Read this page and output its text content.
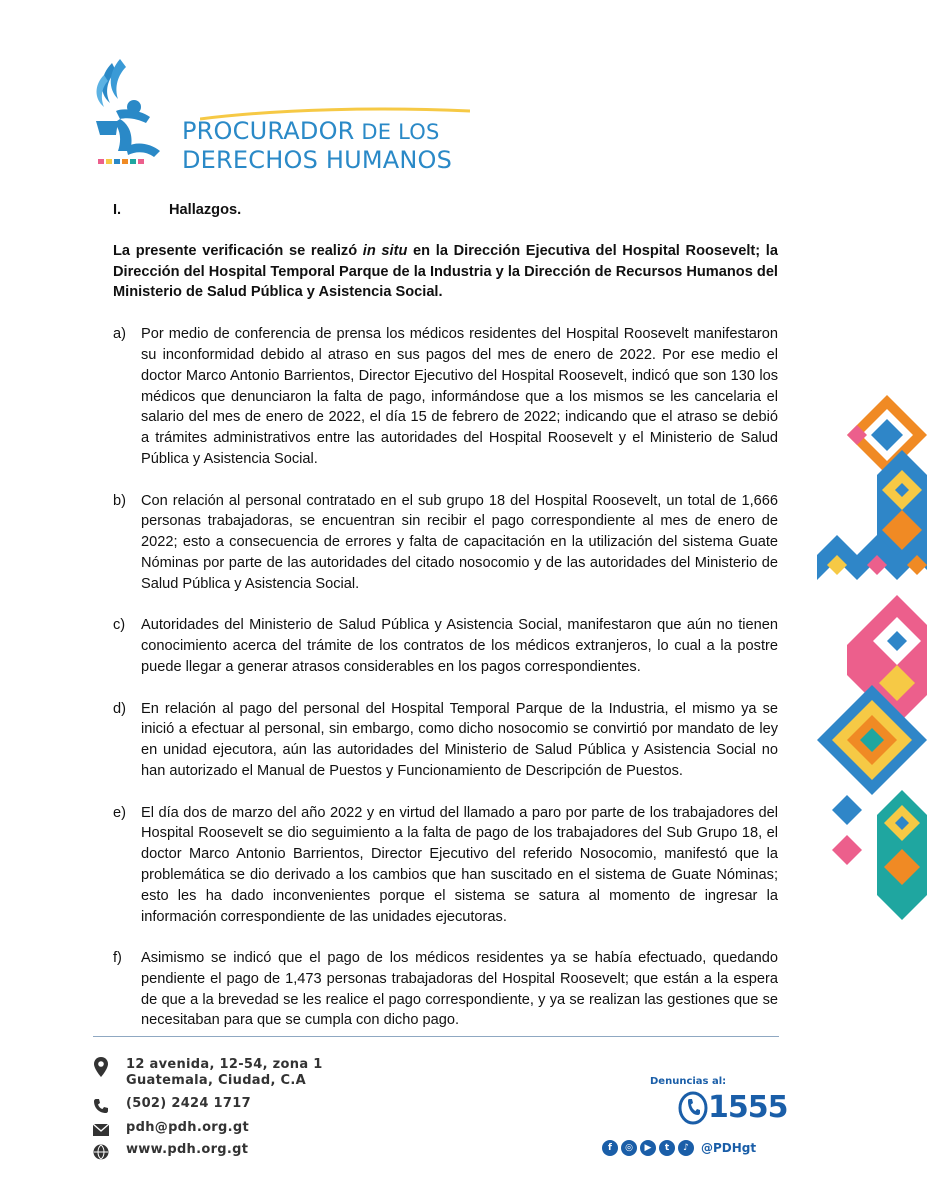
PROCURADOR DE LOS
DERECHOS HUMANOS
I.	Hallazgos.

La presente verificación se realizó in situ en la Dirección Ejecutiva del Hospital Roosevelt; la Dirección del Hospital Temporal Parque de la Industria y la Dirección de Recursos Humanos del Ministerio de Salud Pública y Asistencia Social.

a)	Por medio de conferencia de prensa los médicos residentes del Hospital Roosevelt manifestaron su inconformidad debido al atraso en sus pagos del mes de enero de 2022. Por ese medio el doctor Marco Antonio Barrientos, Director Ejecutivo del Hospital Roosevelt, indicó que son 130 los médicos que denunciaron la falta de pago, informándose que a los mismos se les cancelaria el salario del mes de enero de 2022, el día 15 de febrero de 2022; indicando que el atraso se debió a trámites administrativos entre las autoridades del Hospital Roosevelt y el Ministerio de Salud Pública y Asistencia Social.
b)	Con relación al personal contratado en el sub grupo 18 del Hospital Roosevelt, un total de 1,666 personas trabajadoras, se encuentran sin recibir el pago correspondiente al mes de enero de 2022; esto a consecuencia de errores y falta de capacitación en la utilización del sistema Guate Nóminas por parte de las autoridades del citado nosocomio y de las autoridades del Ministerio de Salud Pública y Asistencia Social.
c)	Autoridades del Ministerio de Salud Pública y Asistencia Social, manifestaron que aún no tienen conocimiento acerca del trámite de los contratos de los médicos extranjeros, lo cual a la postre puede llegar a generar atrasos considerables en los pagos correspondientes.
d)	En relación al pago del personal del Hospital Temporal Parque de la Industria, el mismo ya se inició a efectuar al personal, sin embargo, como dicho nosocomio se convirtió por mandato de ley en unidad ejecutora, aún las autoridades del Ministerio de Salud Pública y Asistencia Social no han autorizado el Manual de Puestos y Funcionamiento de Descripción de Puestos.
e)	El día dos de marzo del año 2022 y en virtud del llamado a paro por parte de los trabajadores del Hospital Roosevelt se dio seguimiento a la falta de pago de los trabajadores del Sub Grupo 18, el doctor Marco Antonio Barrientos, Director Ejecutivo del referido Nosocomio, manifestó que la problemática se dio derivado a los cambios que han suscitado en el sistema de Guate Nóminas; esto les ha dado inconvenientes porque el sistema se satura al momento de ingresar la información correspondiente de las unidades ejecutoras.
f)	Asimismo se indicó que el pago de los médicos residentes ya se había efectuado, quedando pendiente el pago de 1,473 personas trabajadoras del Hospital Roosevelt; que están a la espera de que a la brevedad se les realice el pago correspondiente, y ya se realizan las gestiones que se necesitaban para que se cumpla con dicho pago.
12 avenida, 12-54, zona 1
Guatemala, Ciudad, C.A
(502) 2424 1717
pdh@pdh.org.gt
www.pdh.org.gt
Denuncias al:
1555
f	◎	▶	t	♪	@PDHgt
